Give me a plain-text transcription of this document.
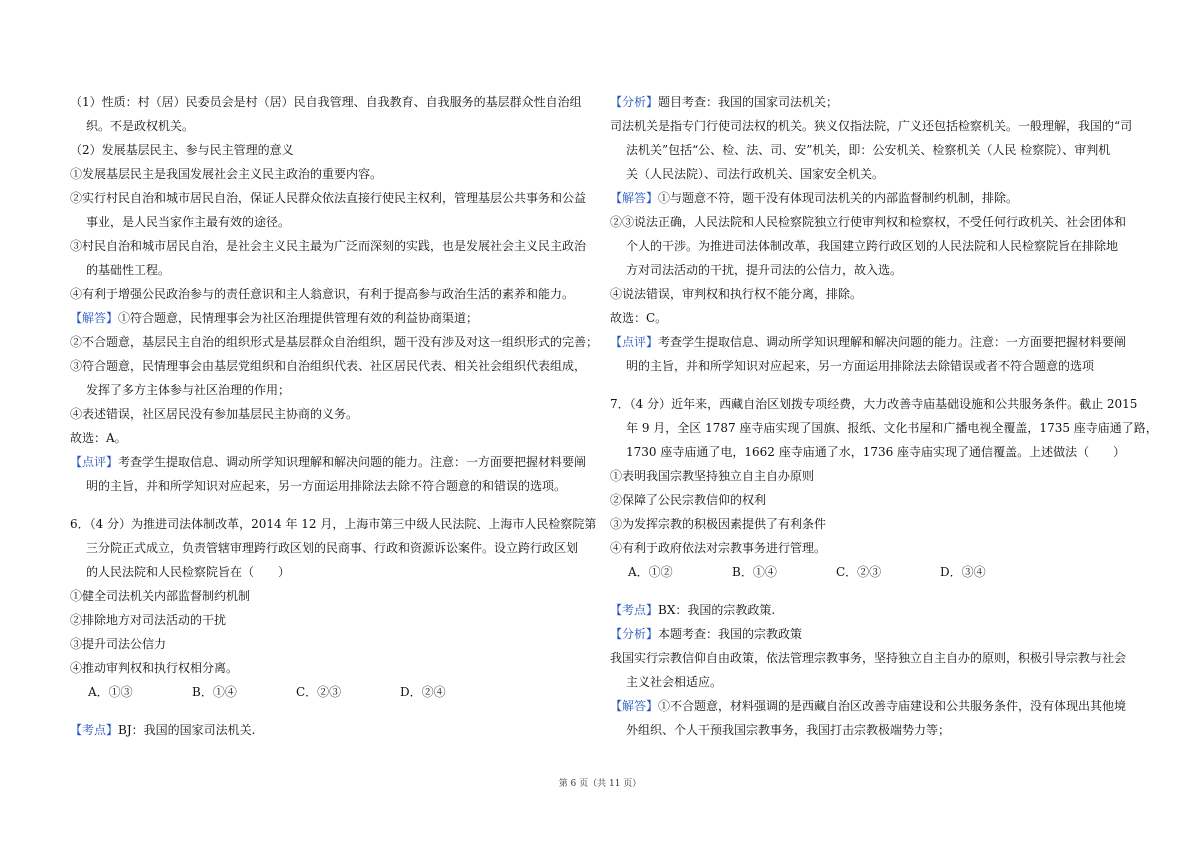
（1）性质：村（居）民委员会是村（居）民自我管理、自我教育、自我服务的基层群众性自治组
织。不是政权机关。
（2）发展基层民主、参与民主管理的意义
①发展基层民主是我国发展社会主义民主政治的重要内容。
②实行村民自治和城市居民自治，保证人民群众依法直接行使民主权利，管理基层公共事务和公益
事业，是人民当家作主最有效的途径。
③村民自治和城市居民自治，是社会主义民主最为广泛而深刻的实践，也是发展社会主义民主政治
的基础性工程。
④有利于增强公民政治参与的责任意识和主人翁意识，有利于提高参与政治生活的素养和能力。
【解答】①符合题意，民情理事会为社区治理提供管理有效的利益协商渠道；
②不合题意，基层民主自治的组织形式是基层群众自治组织，题干没有涉及对这一组织形式的完善；
③符合题意，民情理事会由基层党组织和自治组织代表、社区居民代表、相关社会组织代表组成，
发挥了多方主体参与社区治理的作用；
④表述错误，社区居民没有参加基层民主协商的义务。
故选：A。
【点评】考查学生提取信息、调动所学知识理解和解决问题的能力。注意：一方面要把握材料要阐
明的主旨，并和所学知识对应起来，另一方面运用排除法去除不符合题意的和错误的选项。
6．（4 分）为推进司法体制改革，2014 年 12 月，上海市第三中级人民法院、上海市人民检察院第
三分院正式成立，负责管辖审理跨行政区划的民商事、行政和资源诉讼案件。设立跨行政区划
的人民法院和人民检察院旨在（　　）
①健全司法机关内部监督制约机制
②排除地方对司法活动的干扰
③提升司法公信力
④推动审判权和执行权相分离。
A．①③	B．①④	C．②③	D．②④
【考点】BJ：我国的国家司法机关.
【分析】题目考查：我国的国家司法机关；
司法机关是指专门行使司法权的机关。狭义仅指法院，广义还包括检察机关。一般理解，我国的“司
法机关”包括“公、检、法、司、安”机关，即：公安机关、检察机关（人民 检察院）、审判机
关（人民法院）、司法行政机关、国家安全机关。
【解答】①与题意不符，题干没有体现司法机关的内部监督制约机制，排除。
②③说法正确，人民法院和人民检察院独立行使审判权和检察权，不受任何行政机关、社会团体和
个人的干涉。为推进司法体制改革，我国建立跨行政区划的人民法院和人民检察院旨在排除地
方对司法活动的干扰，提升司法的公信力，故入选。
④说法错误，审判权和执行权不能分离，排除。
故选：C。
【点评】考查学生提取信息、调动所学知识理解和解决问题的能力。注意：一方面要把握材料要阐
明的主旨，并和所学知识对应起来，另一方面运用排除法去除错误或者不符合题意的选项
7．（4 分）近年来，西藏自治区划拨专项经费，大力改善寺庙基础设施和公共服务条件。截止 2015
年 9 月，全区 1787 座寺庙实现了国旗、报纸、文化书屋和广播电视全覆盖，1735 座寺庙通了路，
1730 座寺庙通了电，1662 座寺庙通了水，1736 座寺庙实现了通信覆盖。上述做法（　　）
①表明我国宗教坚持独立自主自办原则
②保障了公民宗教信仰的权利
③为发挥宗教的积极因素提供了有利条件
④有利于政府依法对宗教事务进行管理。
A．①②	B．①④	C．②③	D．③④
【考点】BX：我国的宗教政策.
【分析】本题考查：我国的宗教政策
我国实行宗教信仰自由政策，依法管理宗教事务，坚持独立自主自办的原则，积极引导宗教与社会
主义社会相适应。
【解答】①不合题意，材料强调的是西藏自治区改善寺庙建设和公共服务条件，没有体现出其他境
外组织、个人干预我国宗教事务，我国打击宗教极端势力等；
第 6 页（共 11 页）
